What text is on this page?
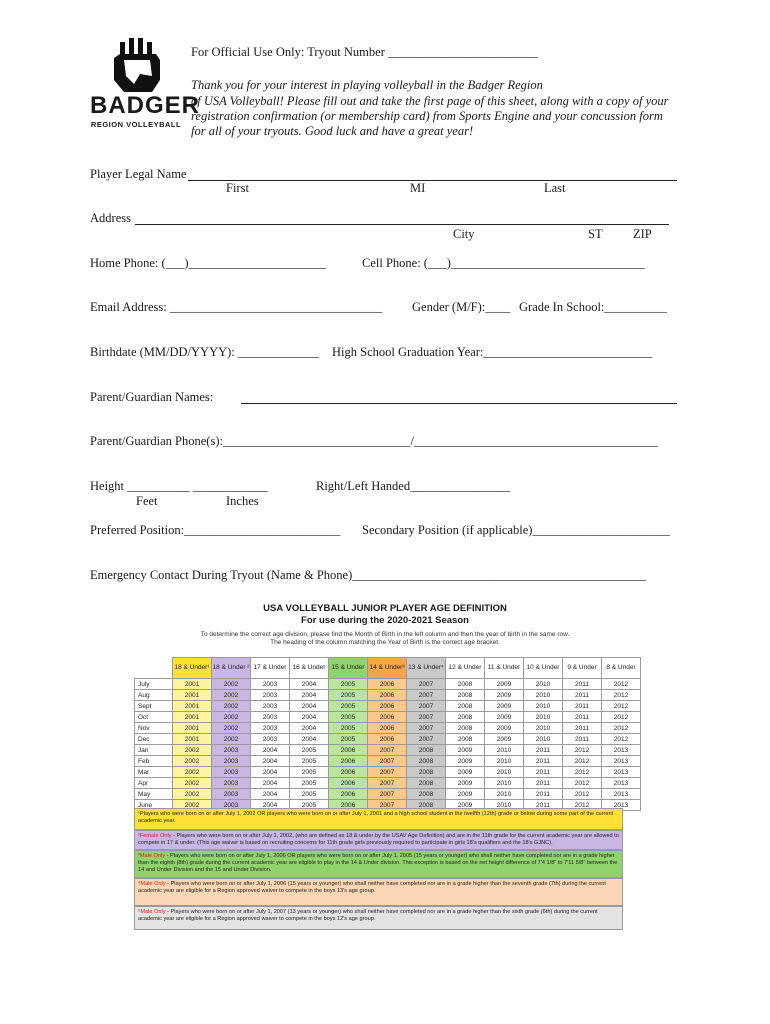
BADGER
REGION VOLLEYBALL
For Official Use Only: Tryout Number ________________________
Thank you for your interest in playing volleyball in the Badger Region
of USA Volleyball! Please fill out and take the first page of this sheet, along with a copy of your
registration confirmation (or membership card) from Sports Engine and your concussion form
for all of your tryouts. Good luck and have a great year!
Player Legal Name
First	MI	Last
Address
City	ST ZIP
Home Phone: (___)______________________	Cell Phone: (___)_______________________________
Email Address: __________________________________ Gender (M/F):____ Grade In School:__________
Birthdate (MM/DD/YYYY): _____________ High School Graduation Year:___________________________
Parent/Guardian Names:
Parent/Guardian Phone(s):______________________________/_______________________________________
Height __________ ____________
Feet	Inches
Right/Left Handed________________
Preferred Position:_________________________ Secondary Position (if applicable)______________________
Emergency Contact During Tryout (Name & Phone)_______________________________________________
USA VOLLEYBALL JUNIOR PLAYER AGE DEFINITION
For use during the 2020-2021 Season
To determine the correct age division, please find the Month of Birth in the left column and then the year of birth in the same row.
The heading of the column matching the Year of Birth is the correct age bracket.
	18 & Under¹	18 & Under ²	17 & Under	16 & Under	15 & Under	14 & Under³	13 & Under⁴	12 & Under	11 & Under	10 & Under	9 & Under	8 & Under
July	2001	2002	2003	2004	2005	2006	2007	2008	2009	2010	2011	2012
Aug	2001	2002	2003	2004	2005	2006	2007	2008	2009	2010	2011	2012
Sept	2001	2002	2003	2004	2005	2006	2007	2008	2009	2010	2011	2012
Oct	2001	2002	2003	2004	2005	2006	2007	2008	2009	2010	2011	2012
Nov	2001	2002	2003	2004	2005	2006	2007	2008	2009	2010	2011	2012
Dec	2001	2002	2003	2004	2005	2006	2007	2008	2009	2010	2011	2012
Jan	2002	2003	2004	2005	2006	2007	2008	2009	2010	2011	2012	2013
Feb	2002	2003	2004	2005	2006	2007	2008	2009	2010	2011	2012	2013
Mar	2002	2003	2004	2005	2006	2007	2008	2009	2010	2011	2012	2013
Apr	2002	2003	2004	2005	2006	2007	2008	2009	2010	2011	2012	2013
May	2002	2003	2004	2005	2006	2007	2008	2009	2010	2011	2012	2013
June	2002	2003	2004	2005	2006	2007	2008	2009	2010	2011	2012	2013
¹Players who were born on or after July 1, 2002 OR players who were born on or after July 1, 2001 and a high school student in the twelfth (12th) grade or below during some part of the current academic year.
²Female Only - Players who were born on or after July 1, 2002, (who are defined as 18 & under by the USAV Age Definition) and are in the 11th grade for the current academic year are allowed to compete in 17 & under. (This age waiver is based on recruiting concerns for 11th grade girls previously required to participate in girls 18's qualifiers and the 18's GJNC).
³Male Only - Players who were born on or after July 1, 2006 OR players who were born on or after July 1, 2005 (15 years or younger) who shall neither have completed nor are in a grade higher than the eighth (8th) grade during the current academic year are eligible to play in the 14 & Under division. This exception is based on the net height difference of 7'4 1/8" to 7'11 5/8" between the 14 and Under Division and the 15 and Under Division.
⁴Male Only - Players who were born on or after July 1, 2006 (15 years or younger) who shall neither have completed nor are in a grade higher than the seventh grade (7th) during the current academic year are eligible for a Region approved waiver to compete in the boys 13's age group.
⁵Male Only - Players who were born on or after July 1, 2007 (13 years or younger) who shall neither have completed nor are in a grade higher than the sixth grade (6th) during the current academic year are eligible for a Region approved waiver to compete in the boys 12's age group.
